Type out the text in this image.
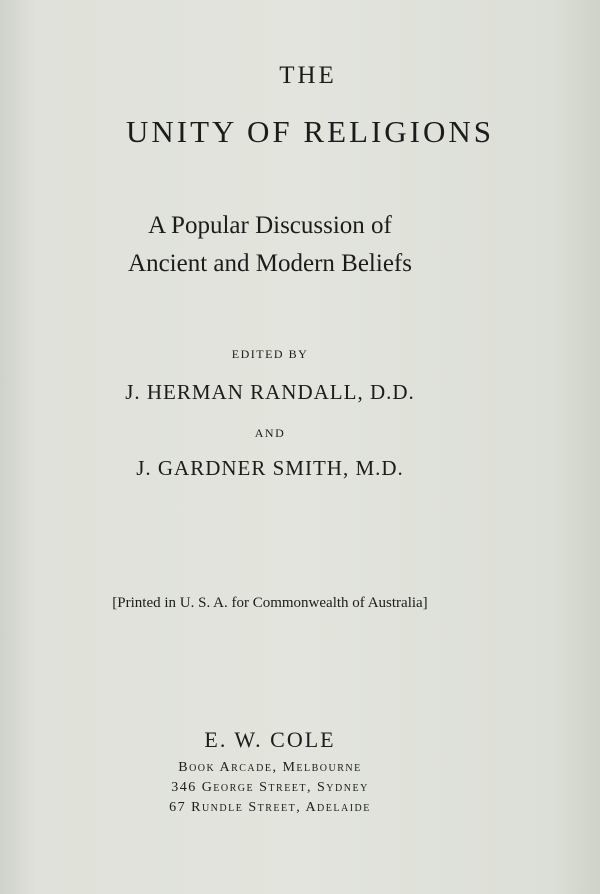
THE
UNITY OF RELIGIONS
A Popular Discussion of
Ancient and Modern Beliefs
EDITED BY
J. HERMAN RANDALL, D.D.
AND
J. GARDNER SMITH, M.D.
[Printed in U. S. A. for Commonwealth of Australia]
E. W. COLE
Book Arcade, Melbourne
346 George Street, Sydney
67 Rundle Street, Adelaide
